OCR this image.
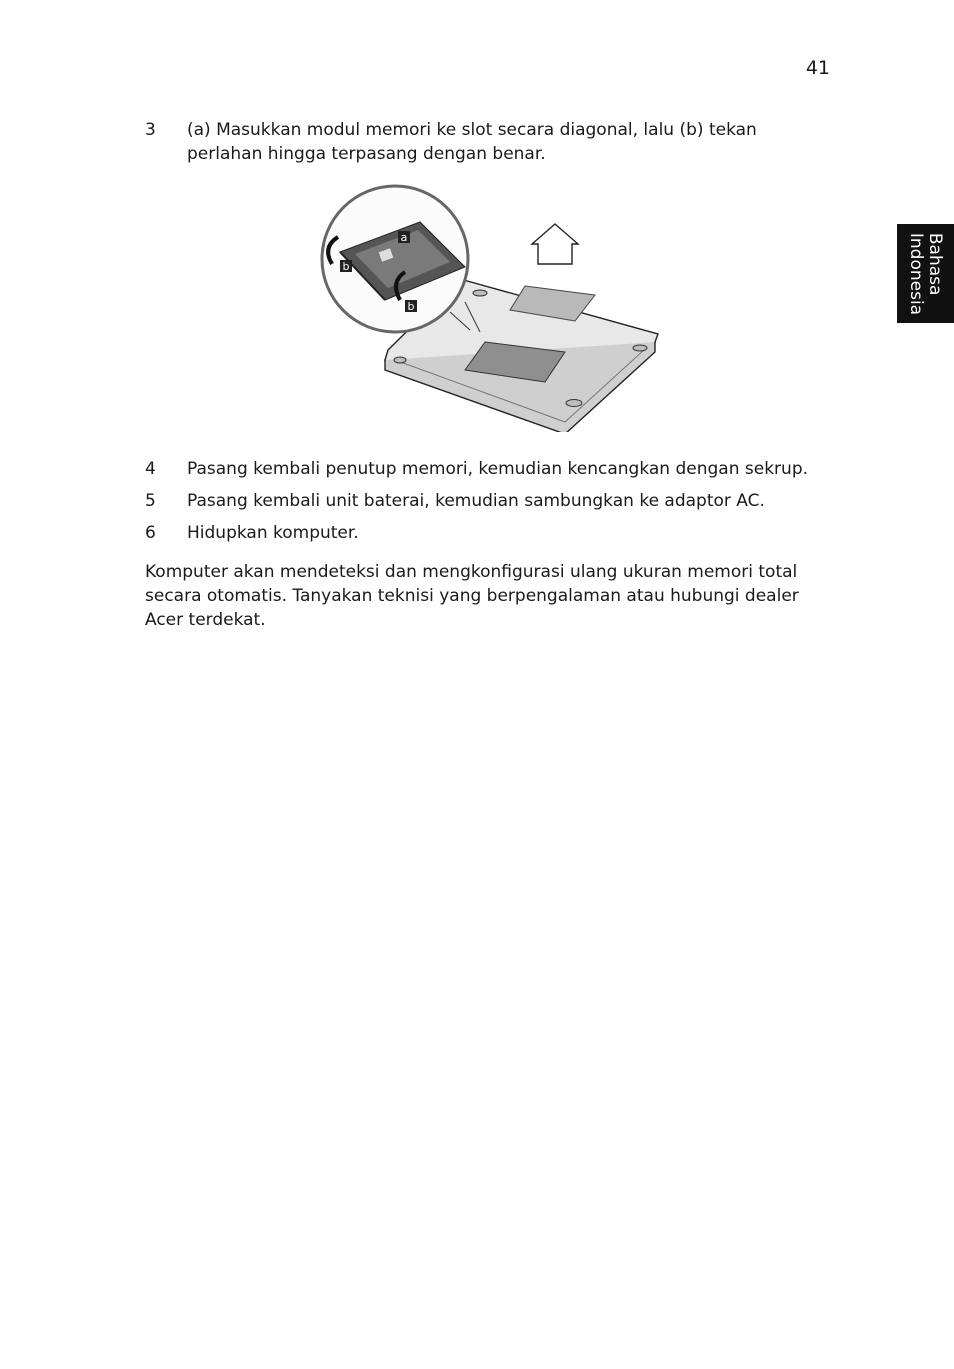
41
Bahasa
Indonesia
3	(a) Masukkan modul memori ke slot secara diagonal, lalu (b) tekan perlahan hingga terpasang dengan benar.
a
b
b
4	Pasang kembali penutup memori, kemudian kencangkan dengan sekrup.
5	Pasang kembali unit baterai, kemudian sambungkan ke adaptor AC.
6	Hidupkan komputer.
Komputer akan mendeteksi dan mengkonfigurasi ulang ukuran memori total secara otomatis. Tanyakan teknisi yang berpengalaman atau hubungi dealer Acer terdekat.
